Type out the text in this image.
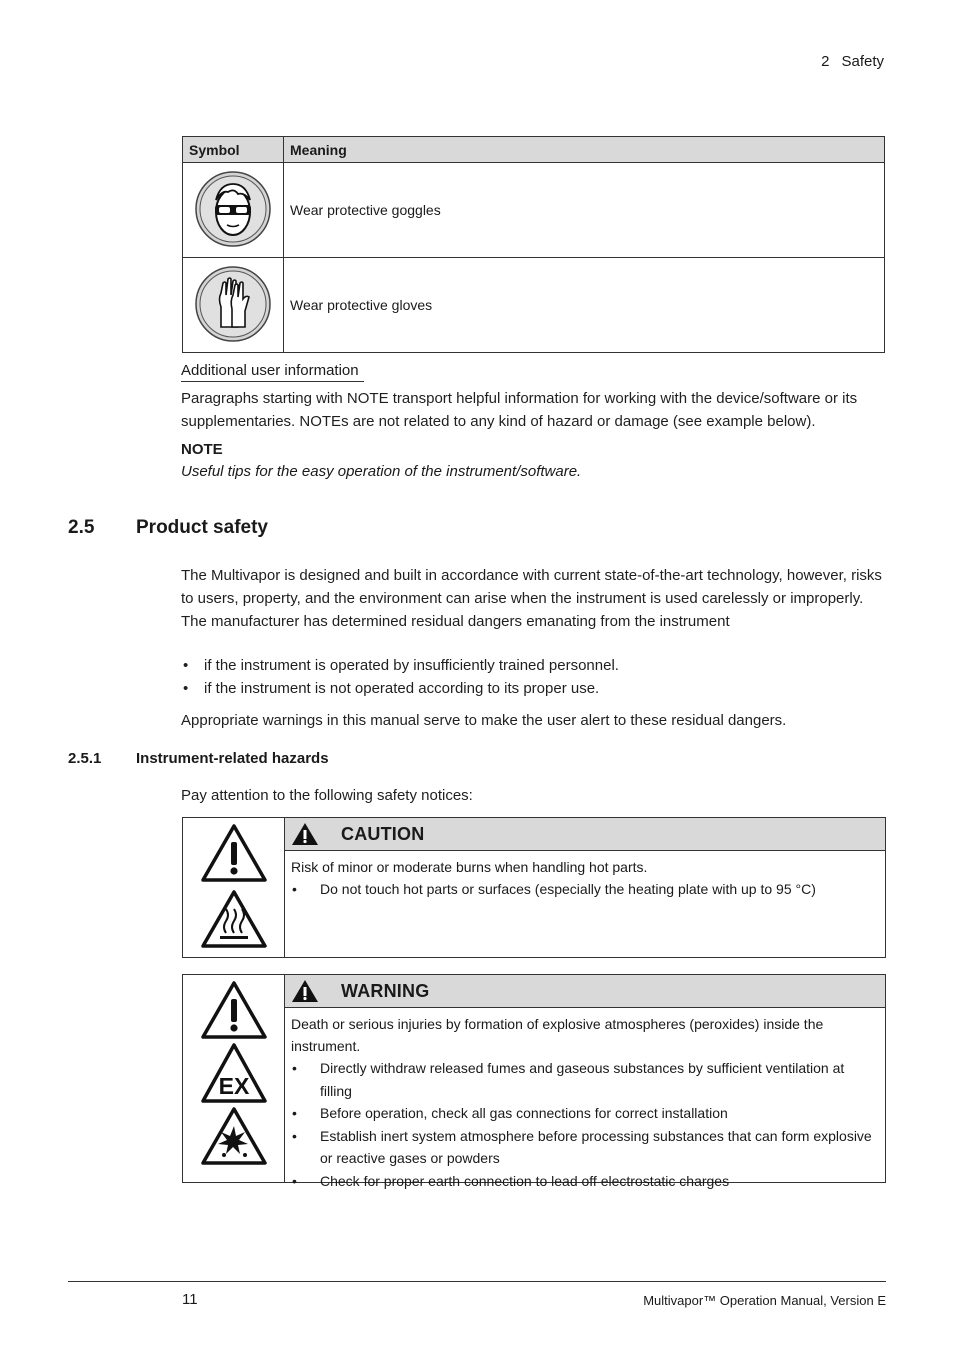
2 Safety
Symbol	Meaning
	Wear protective goggles
	Wear protective gloves
Additional user information
Paragraphs starting with NOTE transport helpful information for working with the device/software or its supplementaries. NOTEs are not related to any kind of hazard or damage (see example below).
NOTE
Useful tips for the easy operation of the instrument/software.
2.5 Product safety
The Multivapor is designed and built in accordance with current state-of-the-art technology, however, risks to users, property, and the environment can arise when the instrument is used carelessly or improperly.
The manufacturer has determined residual dangers emanating from the instrument
• if the instrument is operated by insufficiently trained personnel.
• if the instrument is not operated according to its proper use.
Appropriate warnings in this manual serve to make the user alert to these residual dangers.
2.5.1 Instrument-related hazards
Pay attention to the following safety notices:
CAUTION
Risk of minor or moderate burns when handling hot parts.
• Do not touch hot parts or surfaces (especially the heating plate with up to 95 °C)
EX
WARNING
Death or serious injuries by formation of explosive atmospheres (peroxides) inside the instrument.
• Directly withdraw released fumes and gaseous substances by sufficient ventilation at filling
• Before operation, check all gas connections for correct installation
• Establish inert system atmosphere before processing substances that can form explosive or reactive gases or powders
• Check for proper earth connection to lead off electrostatic charges
11	Multivapor™ Operation Manual, Version E
